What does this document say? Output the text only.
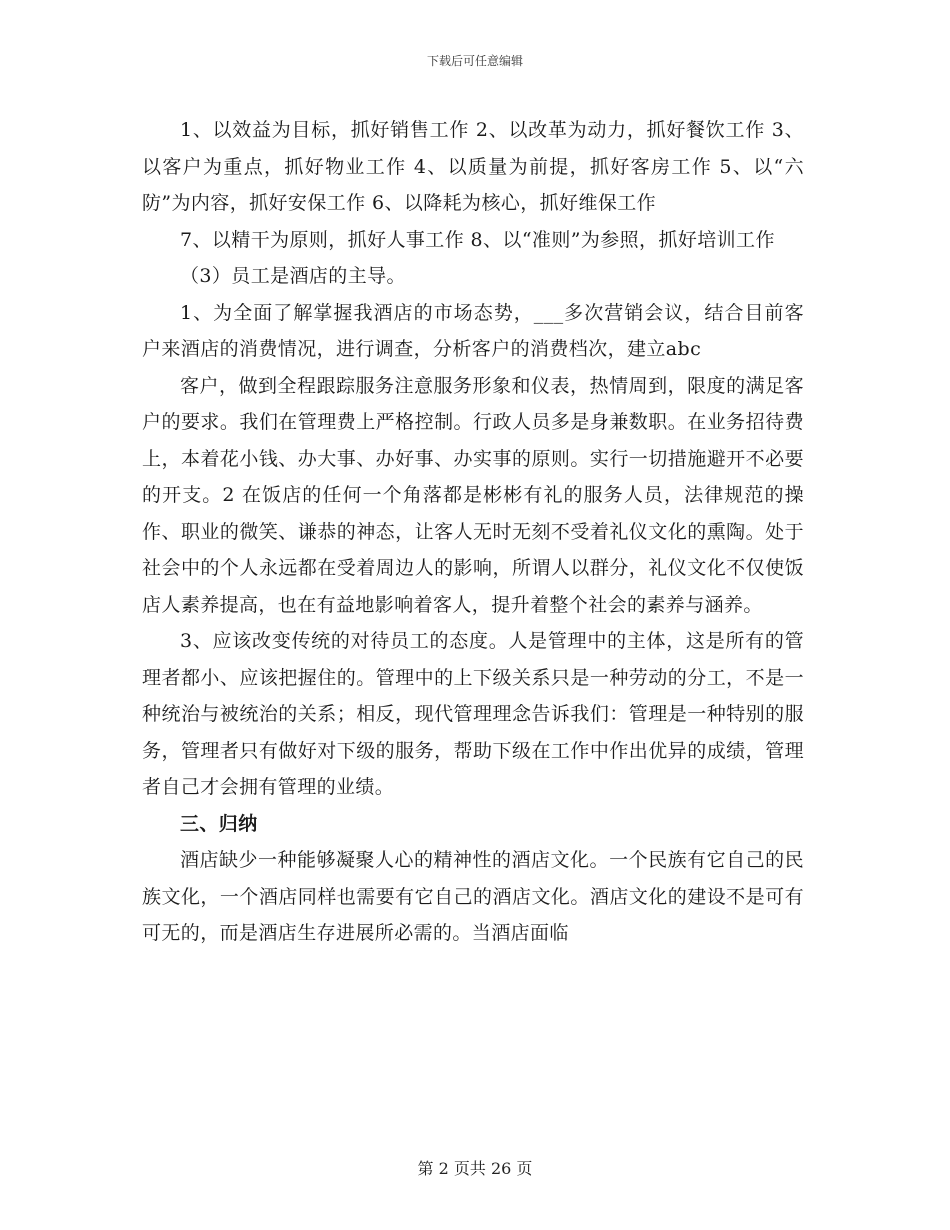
下载后可任意编辑

1、以效益为目标，抓好销售工作 2、以改革为动力，抓好餐饮工作 3、以客户为重点，抓好物业工作 4、以质量为前提，抓好客房工作 5、以“六防”为内容，抓好安保工作 6、以降耗为核心，抓好维保工作

7、以精干为原则，抓好人事工作 8、以“准则”为参照，抓好培训工作

（3）员工是酒店的主导。

1、为全面了解掌握我酒店的市场态势，___多次营销会议，结合目前客户来酒店的消费情况，进行调查，分析客户的消费档次，建立abc

客户，做到全程跟踪服务注意服务形象和仪表，热情周到，限度的满足客户的要求。我们在管理费上严格控制。行政人员多是身兼数职。在业务招待费上，本着花小钱、办大事、办好事、办实事的原则。实行一切措施避开不必要的开支。2 在饭店的任何一个角落都是彬彬有礼的服务人员，法律规范的操作、职业的微笑、谦恭的神态，让客人无时无刻不受着礼仪文化的熏陶。处于社会中的个人永远都在受着周边人的影响，所谓人以群分，礼仪文化不仅使饭店人素养提高，也在有益地影响着客人，提升着整个社会的素养与涵养。

3、应该改变传统的对待员工的态度。人是管理中的主体，这是所有的管理者都小、应该把握住的。管理中的上下级关系只是一种劳动的分工，不是一种统治与被统治的关系；相反，现代管理理念告诉我们：管理是一种特别的服务，管理者只有做好对下级的服务，帮助下级在工作中作出优异的成绩，管理者自己才会拥有管理的业绩。

三、归纳

酒店缺少一种能够凝聚人心的精神性的酒店文化。一个民族有它自己的民族文化，一个酒店同样也需要有它自己的酒店文化。酒店文化的建设不是可有可无的，而是酒店生存进展所必需的。当酒店面临

第 2 页共 26 页
